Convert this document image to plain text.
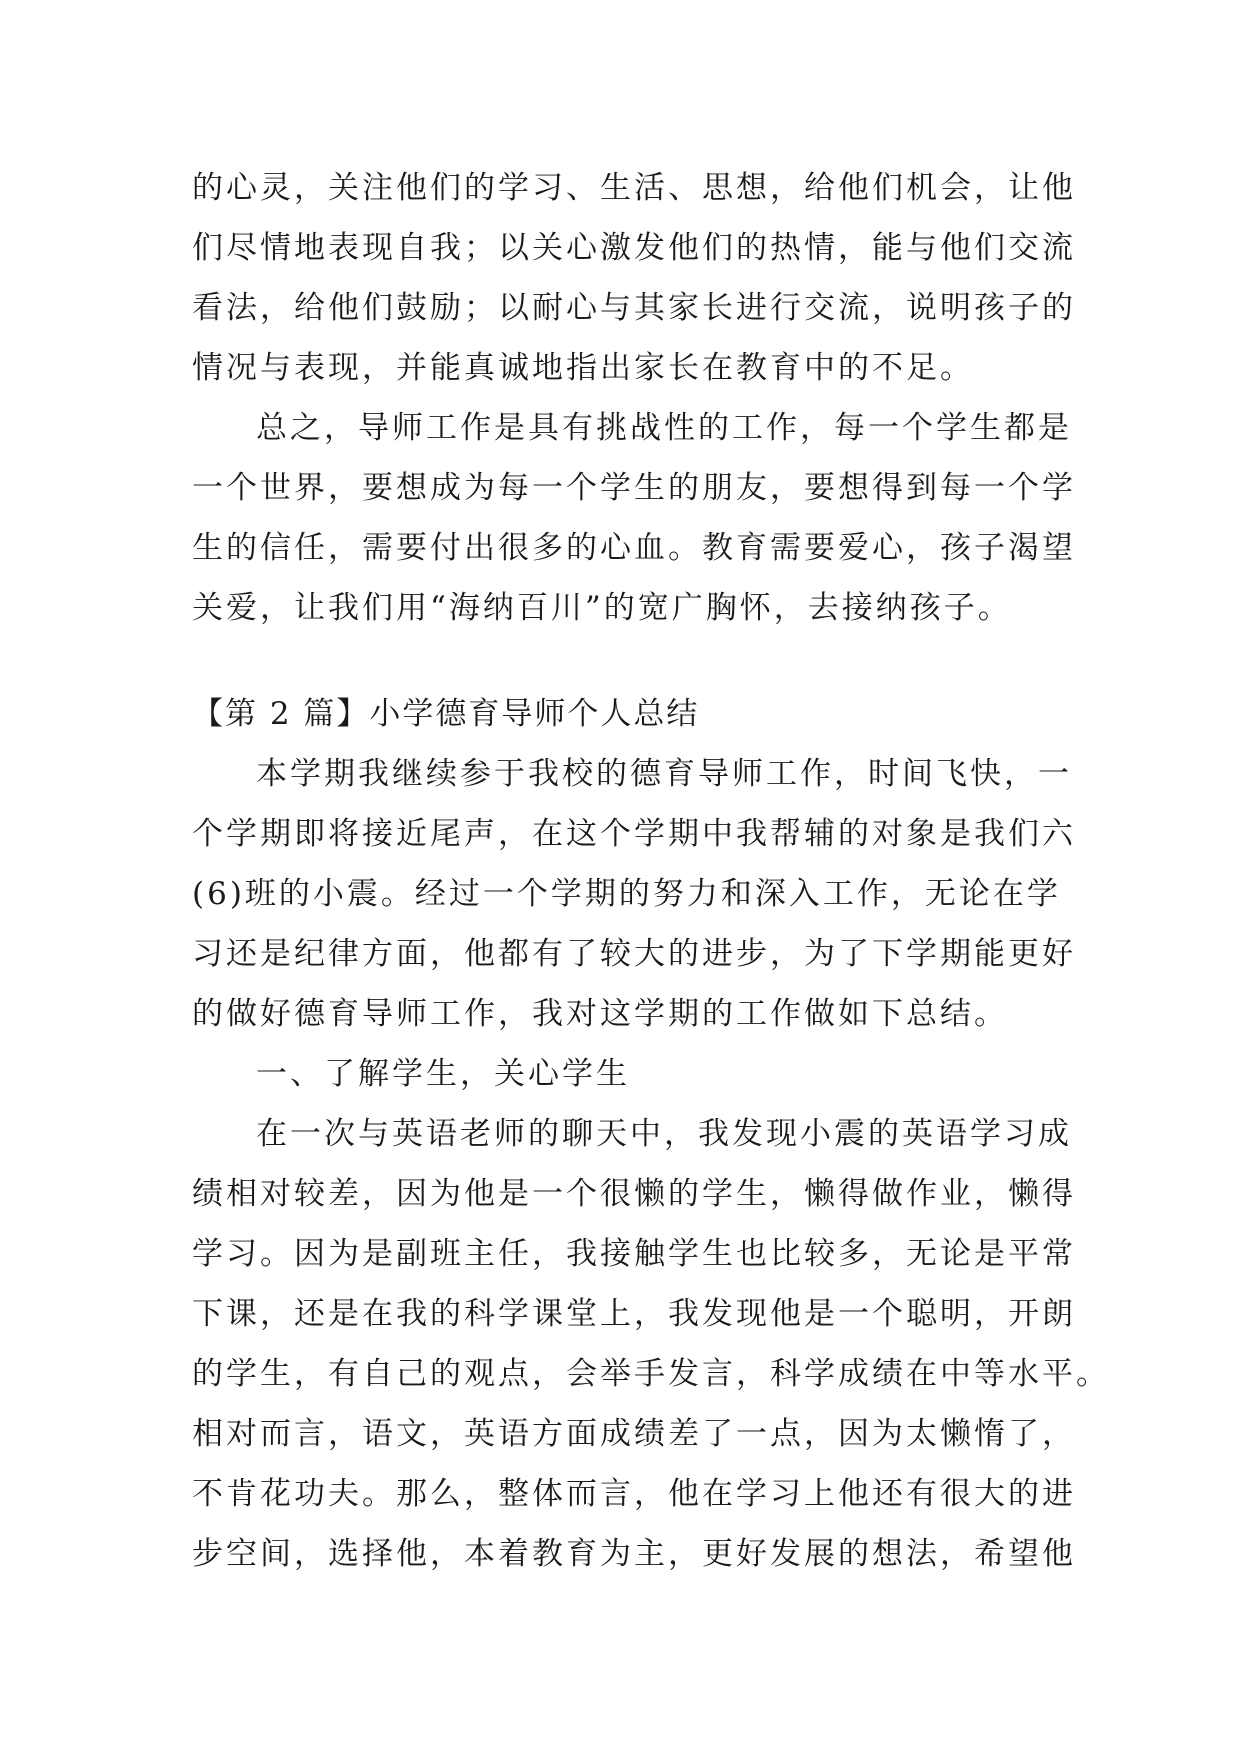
的心灵，关注他们的学习、生活、思想，给他们机会，让他
们尽情地表现自我；以关心激发他们的热情，能与他们交流
看法，给他们鼓励；以耐心与其家长进行交流，说明孩子的
情况与表现，并能真诚地指出家长在教育中的不足。
总之，导师工作是具有挑战性的工作，每一个学生都是
一个世界，要想成为每一个学生的朋友，要想得到每一个学
生的信任，需要付出很多的心血。教育需要爱心，孩子渴望
关爱，让我们用“海纳百川”的宽广胸怀，去接纳孩子。
【第 2 篇】小学德育导师个人总结
本学期我继续参于我校的德育导师工作，时间飞快，一
个学期即将接近尾声，在这个学期中我帮辅的对象是我们六
(6)班的小震。经过一个学期的努力和深入工作，无论在学
习还是纪律方面，他都有了较大的进步，为了下学期能更好
的做好德育导师工作，我对这学期的工作做如下总结。
一、了解学生，关心学生
在一次与英语老师的聊天中，我发现小震的英语学习成
绩相对较差，因为他是一个很懒的学生，懒得做作业，懒得
学习。因为是副班主任，我接触学生也比较多，无论是平常
下课，还是在我的科学课堂上，我发现他是一个聪明，开朗
的学生，有自己的观点，会举手发言，科学成绩在中等水平。
相对而言，语文，英语方面成绩差了一点，因为太懒惰了，
不肯花功夫。那么，整体而言，他在学习上他还有很大的进
步空间，选择他，本着教育为主，更好发展的想法，希望他
